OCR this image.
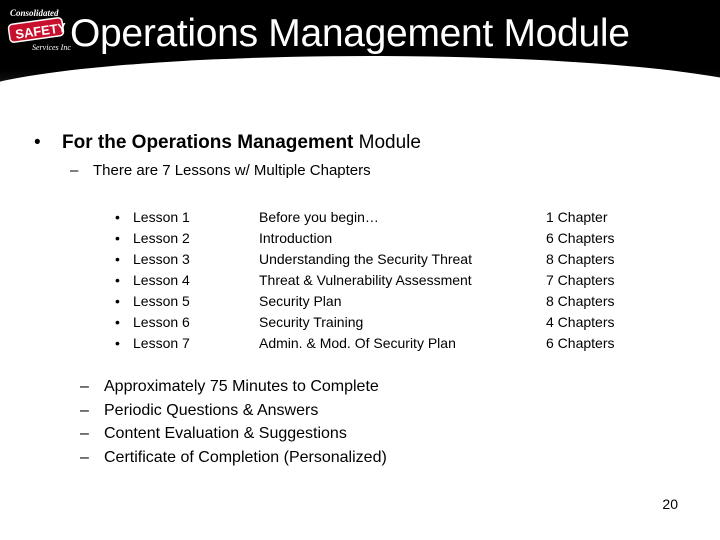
Consolidated
SAFETY
Services Inc Operations Management Module
• For the Operations Management Module
– There are 7 Lessons w/ Multiple Chapters
•	Lesson 1	Before you begin…	1 Chapter
•	Lesson 2	Introduction	6 Chapters
•	Lesson 3	Understanding the Security Threat	8 Chapters
•	Lesson 4	Threat & Vulnerability Assessment	7 Chapters
•	Lesson 5	Security Plan	8 Chapters
•	Lesson 6	Security Training	4 Chapters
•	Lesson 7	Admin. & Mod. Of Security Plan	6 Chapters
– Approximately 75 Minutes to Complete
– Periodic Questions & Answers
– Content Evaluation & Suggestions
– Certificate of Completion (Personalized)
20
